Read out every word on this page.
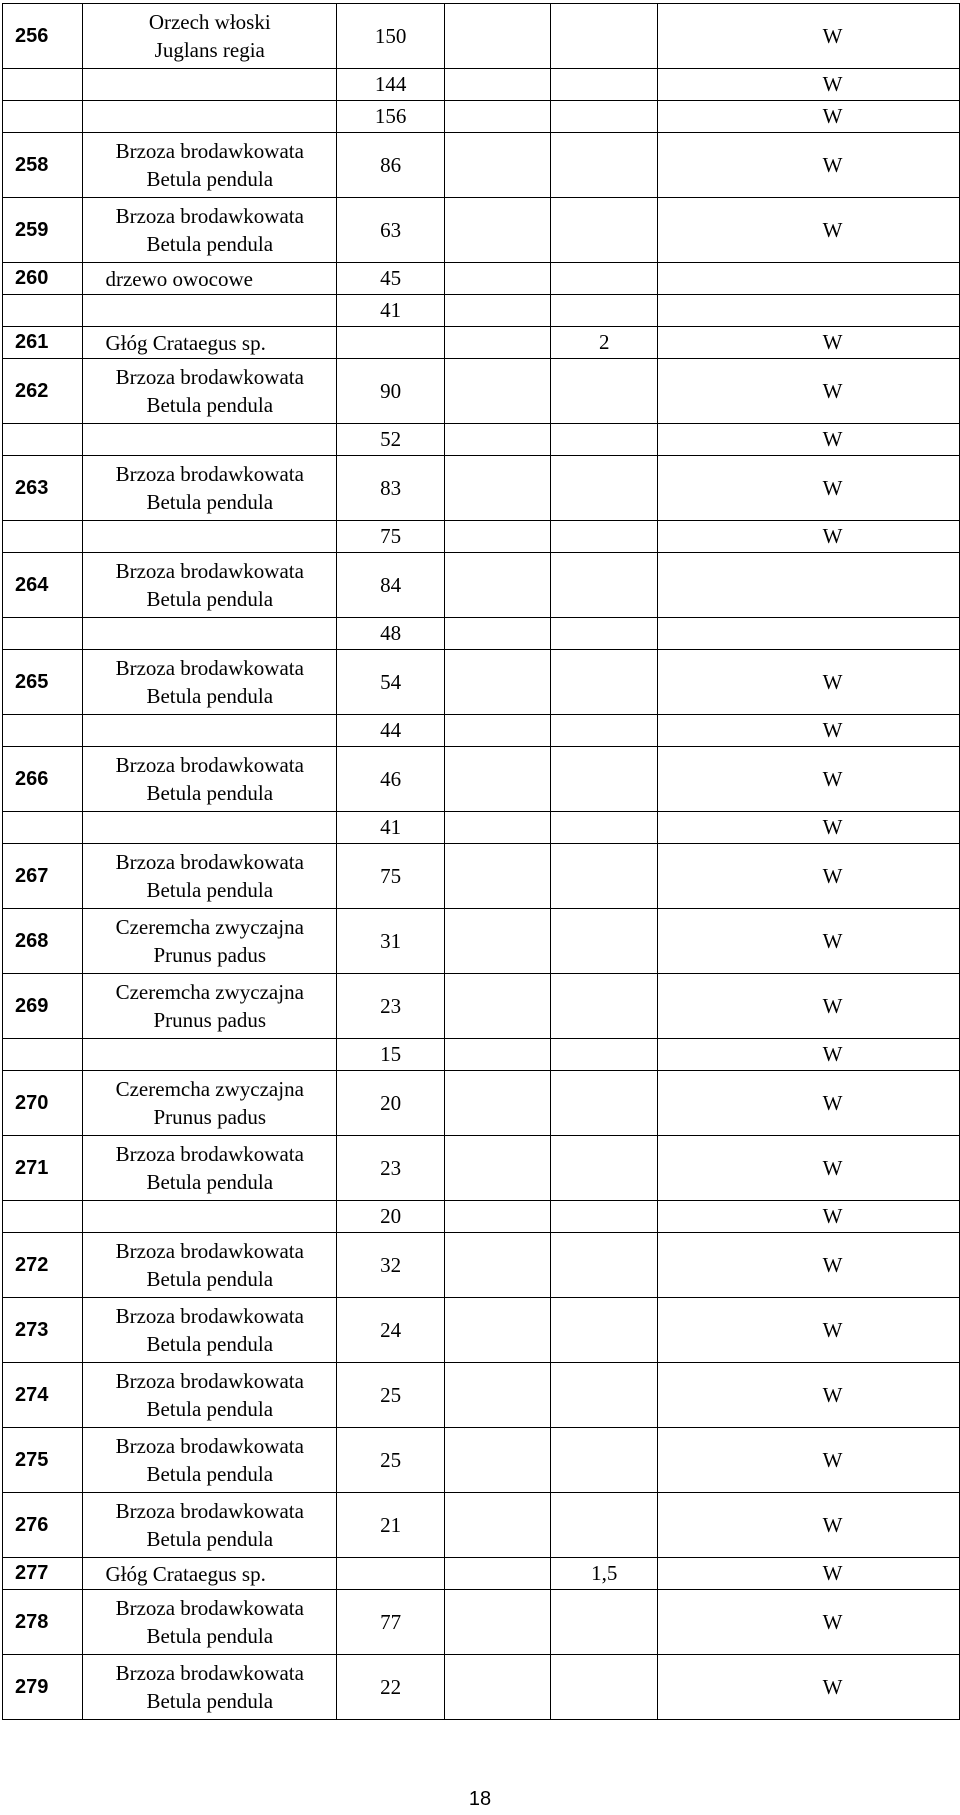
256	Orzech włoski
Juglans regia	150			W

	144			W

	156			W
258	Brzoza brodawkowata
Betula pendula	86			W
259	Brzoza brodawkowata
Betula pendula	63			W
260	drzewo owocowe	45			

	41			
261	Głóg Crataegus sp.			2	W
262	Brzoza brodawkowata
Betula pendula	90			W

	52			W
263	Brzoza brodawkowata
Betula pendula	83			W

	75			W
264	Brzoza brodawkowata
Betula pendula	84			

	48			
265	Brzoza brodawkowata
Betula pendula	54			W

	44			W
266	Brzoza brodawkowata
Betula pendula	46			W

	41			W
267	Brzoza brodawkowata
Betula pendula	75			W
268	Czeremcha zwyczajna
Prunus padus	31			W
269	Czeremcha zwyczajna
Prunus padus	23			W

	15			W
270	Czeremcha zwyczajna
Prunus padus	20			W
271	Brzoza brodawkowata
Betula pendula	23			W

	20			W
272	Brzoza brodawkowata
Betula pendula	32			W
273	Brzoza brodawkowata
Betula pendula	24			W
274	Brzoza brodawkowata
Betula pendula	25			W
275	Brzoza brodawkowata
Betula pendula	25			W
276	Brzoza brodawkowata
Betula pendula	21			W
277	Głóg Crataegus sp.			1,5	W
278	Brzoza brodawkowata
Betula pendula	77			W
279	Brzoza brodawkowata
Betula pendula	22			W
18
